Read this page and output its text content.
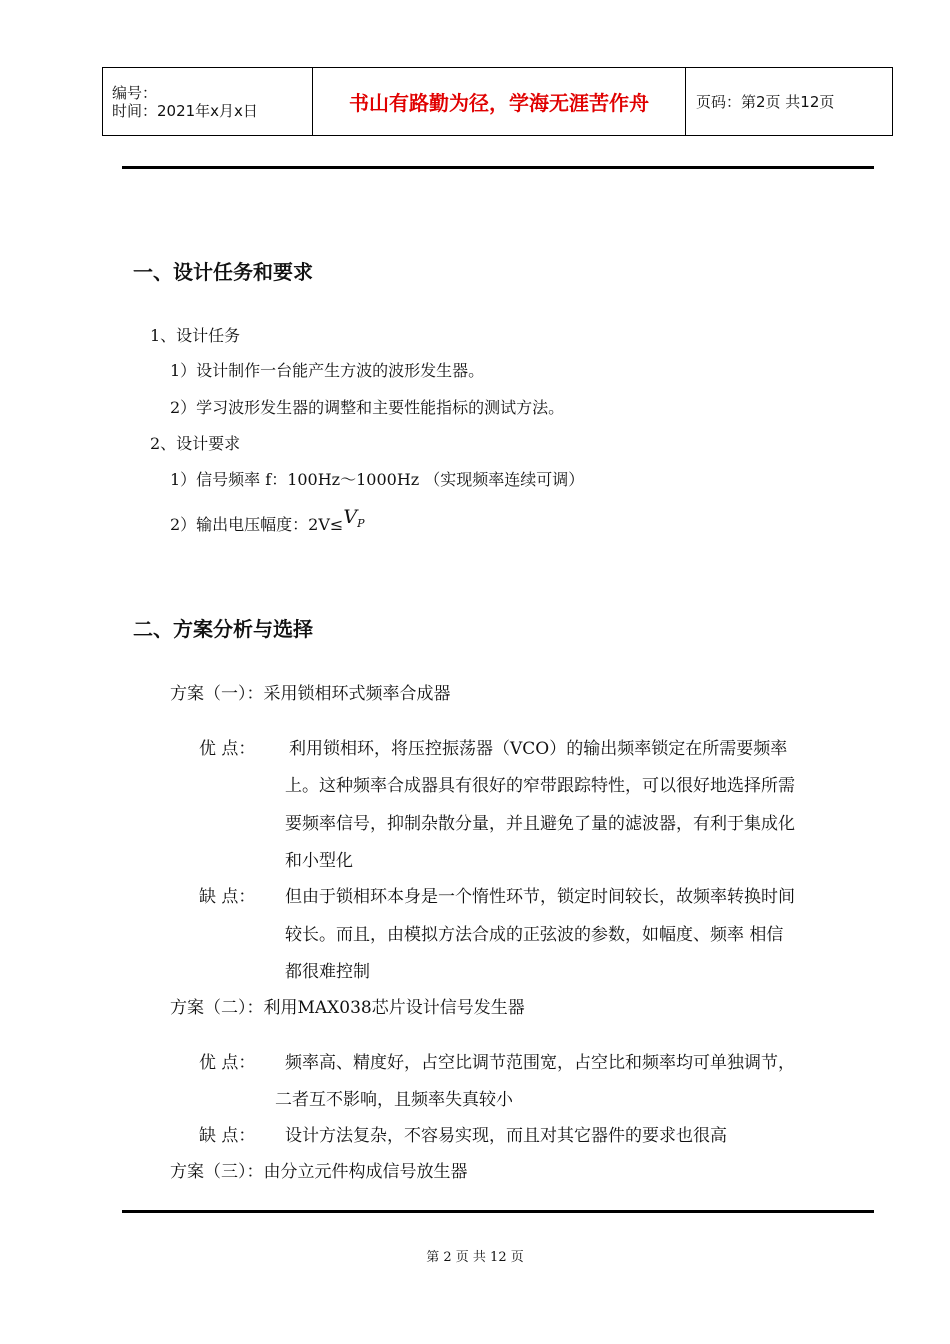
编号：
时间：2021年x月x日	书山有路勤为径，学海无涯苦作舟	页码：第2页 共12页
一、设计任务和要求
1、设计任务
1）设计制作一台能产生方波的波形发生器。
2）学习波形发生器的调整和主要性能指标的测试方法。
2、设计要求
1）信号频率 f：100Hz～1000Hz （实现频率连续可调）
2）输出电压幅度：$2V\le V_P$
二、方案分析与选择
方案（一）：采用锁相环式频率合成器
优 点： 利用锁相环，将压控振荡器（VCO）的输出频率锁定在所需要频率
上。这种频率合成器具有很好的窄带跟踪特性，可以很好地选择所需
要频率信号，抑制杂散分量，并且避免了量的滤波器，有利于集成化
和小型化
缺 点： 但由于锁相环本身是一个惰性环节，锁定时间较长，故频率转换时间
较长。而且，由模拟方法合成的正弦波的参数，如幅度、频率 相信
都很难控制
方案（二）：利用MAX038芯片设计信号发生器
优 点： 频率高、精度好，占空比调节范围宽，占空比和频率均可单独调节，
二者互不影响，且频率失真较小
缺 点： 设计方法复杂，不容易实现，而且对其它器件的要求也很高
方案（三）：由分立元件构成信号放生器
第 2 页 共 12 页
